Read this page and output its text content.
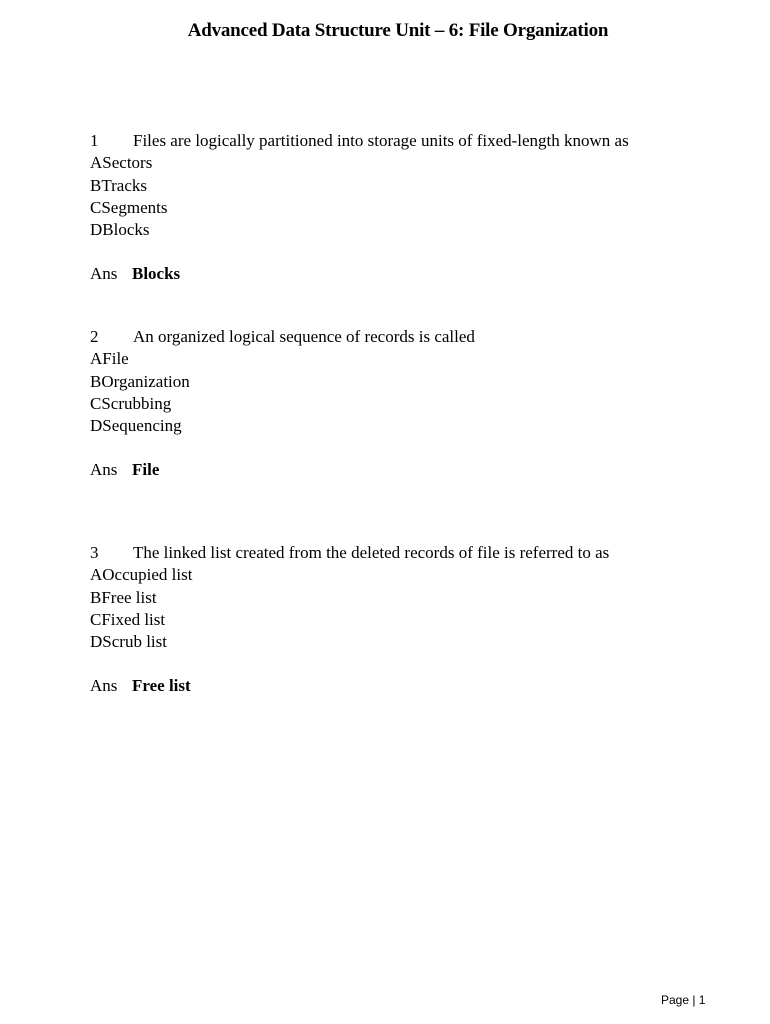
Advanced Data Structure Unit – 6: File Organization
1 Files are logically partitioned into storage units of fixed-length known as
ASectors
BTracks
CSegments
DBlocks
Ans Blocks
2 An organized logical sequence of records is called
AFile
BOrganization
CScrubbing
DSequencing
Ans File
3 The linked list created from the deleted records of file is referred to as
AOccupied list
BFree list
CFixed list
DScrub list
Ans Free list
Page | 1
